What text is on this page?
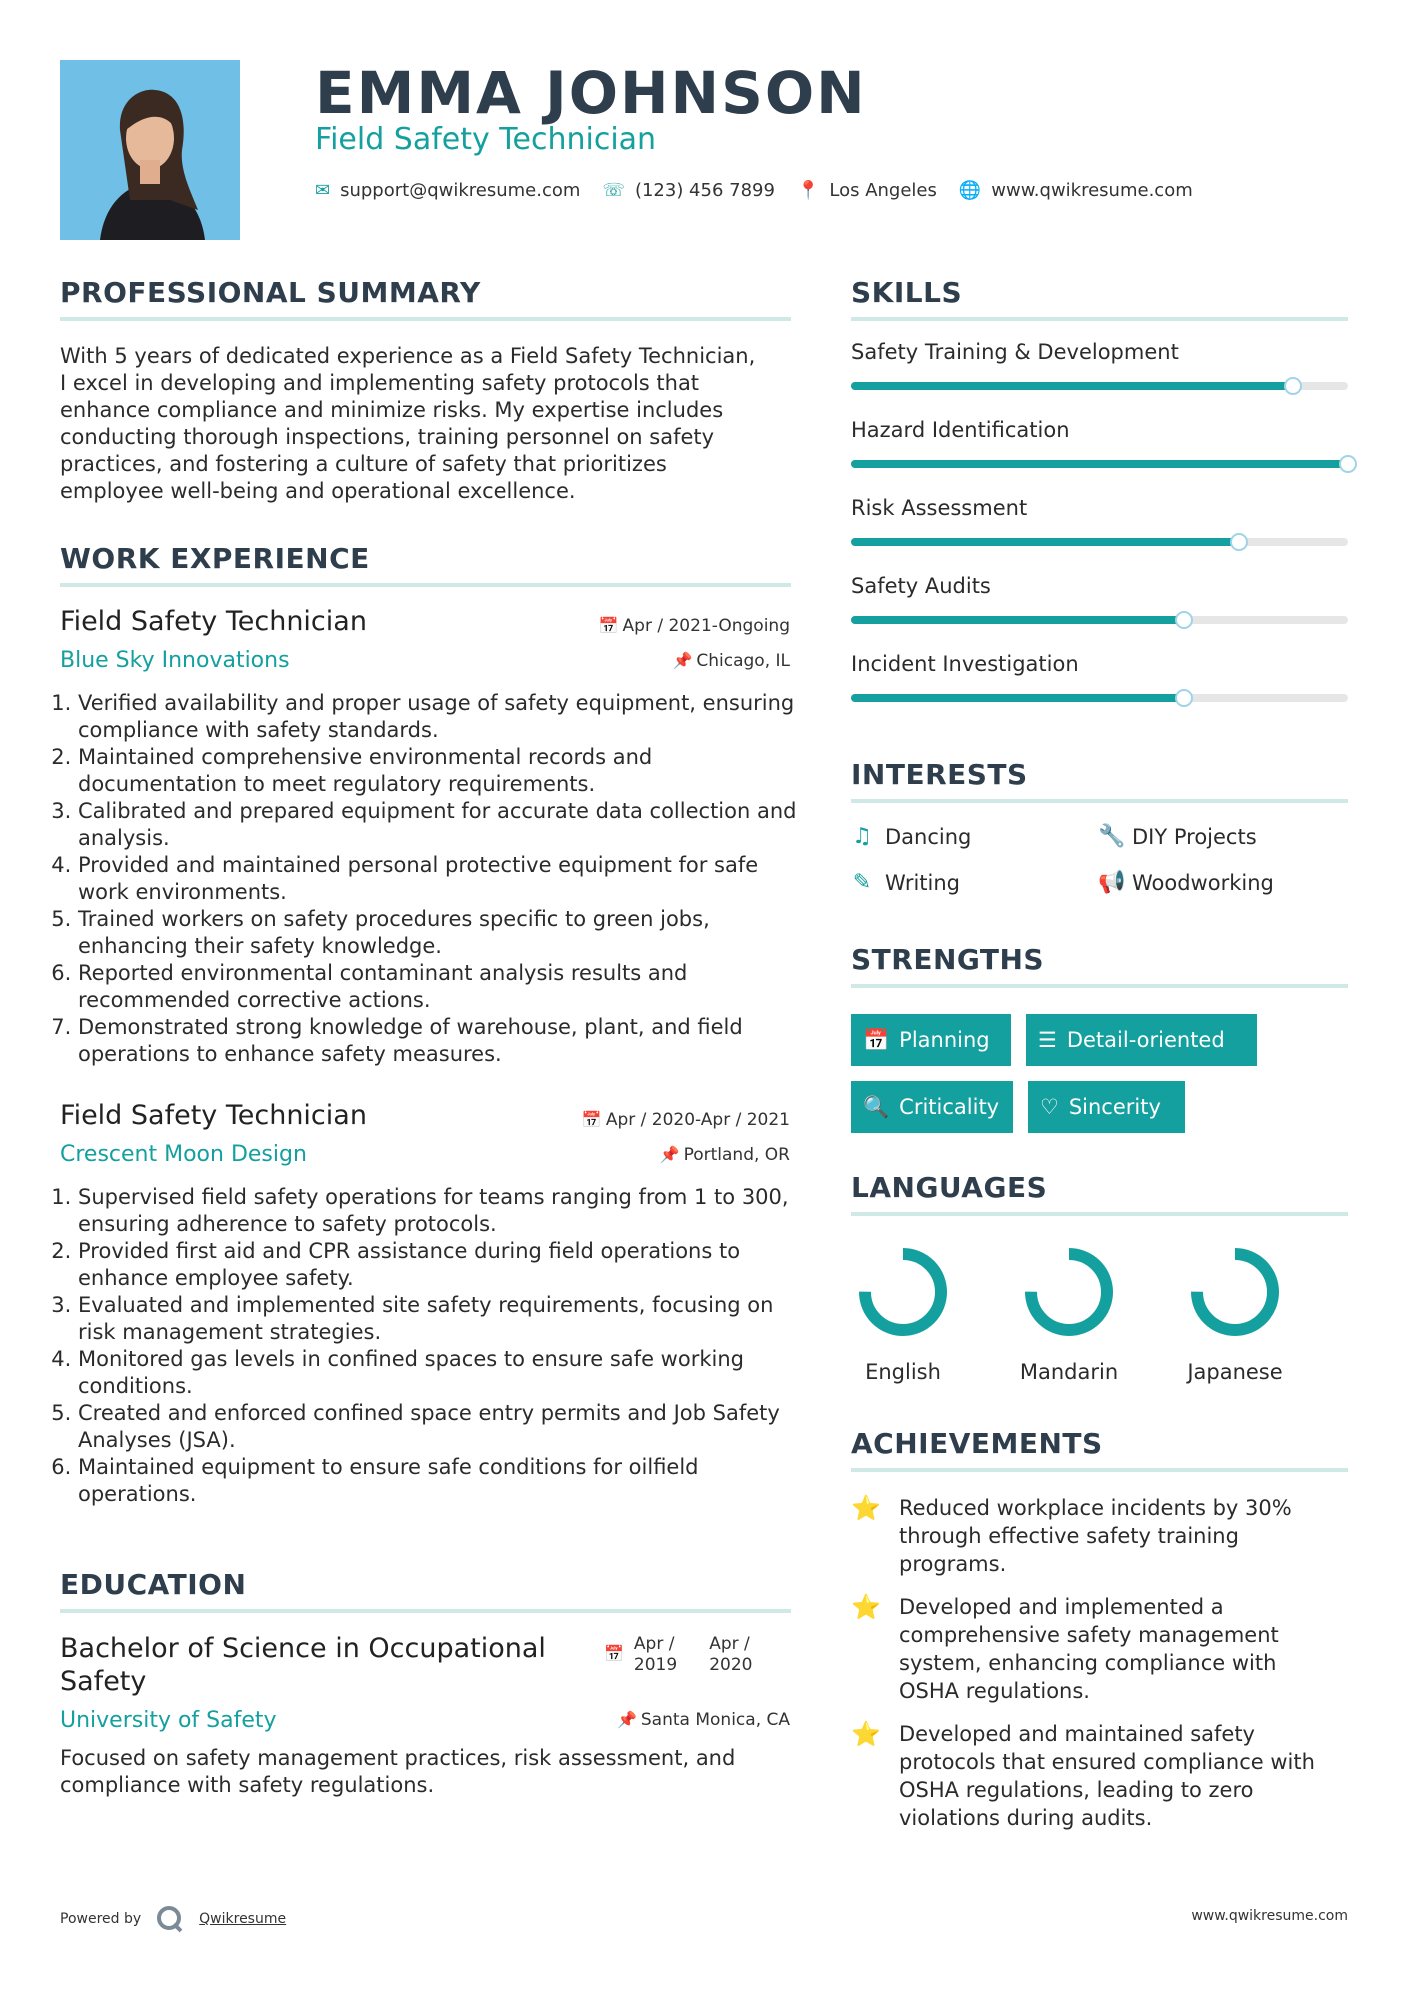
EMMA JOHNSON
Field Safety Technician
✉ support@qwikresume.com ☏ (123) 456 7899 📍 Los Angeles 🌐 www.qwikresume.com
PROFESSIONAL SUMMARY
With 5 years of dedicated experience as a Field Safety Technician,
I excel in developing and implementing safety protocols that
enhance compliance and minimize risks. My expertise includes
conducting thorough inspections, training personnel on safety
practices, and fostering a culture of safety that prioritizes
employee well-being and operational excellence.
WORK EXPERIENCE
Field Safety Technician	📅 Apr / 2021-Ongoing
Blue Sky Innovations	📌 Chicago, IL
1. Verified availability and proper usage of safety equipment, ensuring compliance with safety standards.
2. Maintained comprehensive environmental records and documentation to meet regulatory requirements.
3. Calibrated and prepared equipment for accurate data collection and analysis.
4. Provided and maintained personal protective equipment for safe work environments.
5. Trained workers on safety procedures specific to green jobs, enhancing their safety knowledge.
6. Reported environmental contaminant analysis results and recommended corrective actions.
7. Demonstrated strong knowledge of warehouse, plant, and field operations to enhance safety measures.
Field Safety Technician	📅 Apr / 2020-Apr / 2021
Crescent Moon Design	📌 Portland, OR
1. Supervised field safety operations for teams ranging from 1 to 300, ensuring adherence to safety protocols.
2. Provided first aid and CPR assistance during field operations to enhance employee safety.
3. Evaluated and implemented site safety requirements, focusing on risk management strategies.
4. Monitored gas levels in confined spaces to ensure safe working conditions.
5. Created and enforced confined space entry permits and Job Safety Analyses (JSA).
6. Maintained equipment to ensure safe conditions for oilfield operations.
EDUCATION
Bachelor of Science in Occupational
Safety
📅 Apr /
2019
Apr /
2020
University of Safety	📌 Santa Monica, CA
Focused on safety management practices, risk assessment, and
compliance with safety regulations.
SKILLS
Safety Training & Development
Hazard Identification
Risk Assessment
Safety Audits
Incident Investigation
INTERESTS
♫ Dancing	🔧 DIY Projects
✎ Writing	📢 Woodworking
STRENGTHS
📅 Planning ☰ Detail-oriented
🔍 Criticality ♡ Sincerity
LANGUAGES
English	Mandarin	Japanese
ACHIEVEMENTS
⭐ Reduced workplace incidents by 30%
through effective safety training
programs.
⭐ Developed and implemented a
comprehensive safety management
system, enhancing compliance with
OSHA regulations.
⭐ Developed and maintained safety
protocols that ensured compliance with
OSHA regulations, leading to zero
violations during audits.
Powered by	Qwikresume	www.qwikresume.com
